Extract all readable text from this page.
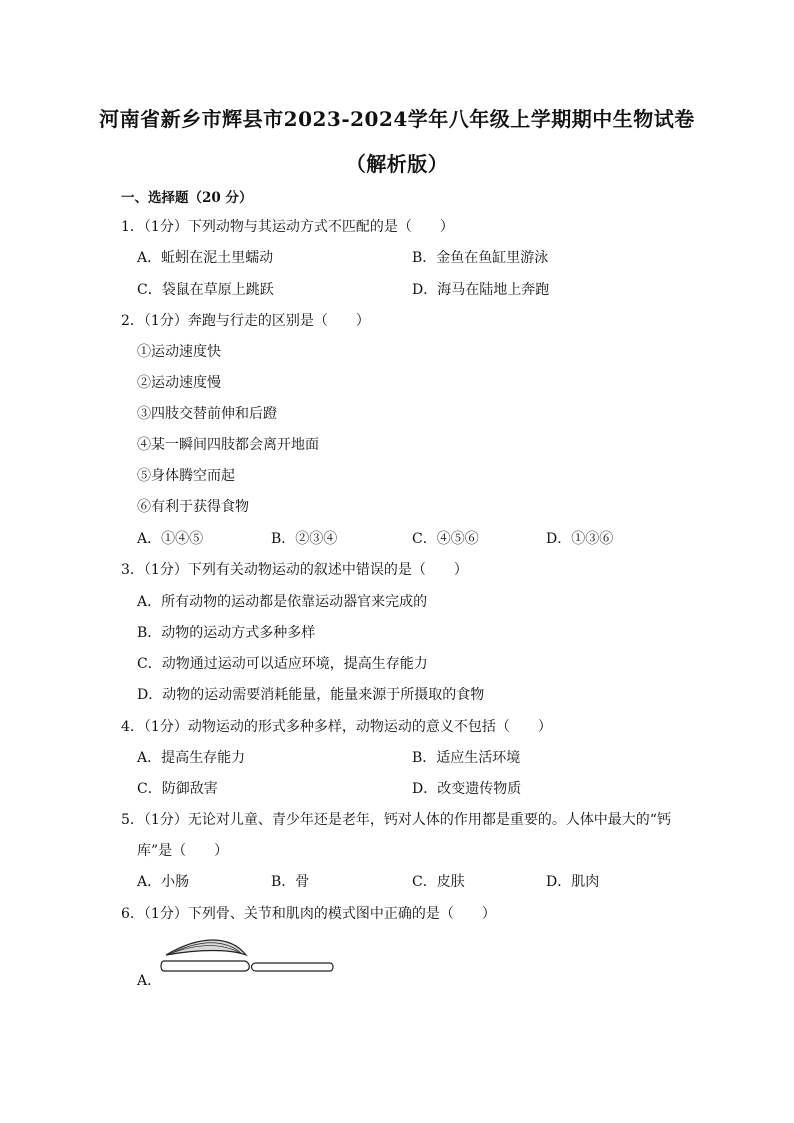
河南省新乡市辉县市2023-2024学年八年级上学期期中生物试卷
（解析版）
一、选择题（20 分）
1．（1分）下列动物与其运动方式不匹配的是（　　）
A．蚯蚓在泥土里蠕动	B．金鱼在鱼缸里游泳
C．袋鼠在草原上跳跃	D．海马在陆地上奔跑
2．（1分）奔跑与行走的区别是（　　）
①运动速度快
②运动速度慢
③四肢交替前伸和后蹬
④某一瞬间四肢都会离开地面
⑤身体腾空而起
⑥有利于获得食物
A．①④⑤	B．②③④	C．④⑤⑥	D．①③⑥
3．（1分）下列有关动物运动的叙述中错误的是（　　）
A．所有动物的运动都是依靠运动器官来完成的
B．动物的运动方式多种多样
C．动物通过运动可以适应环境，提高生存能力
D．动物的运动需要消耗能量，能量来源于所摄取的食物
4．（1分）动物运动的形式多种多样，动物运动的意义不包括（　　）
A．提高生存能力	B．适应生活环境
C．防御敌害	D．改变遗传物质
5．（1分）无论对儿童、青少年还是老年，钙对人体的作用都是重要的。人体中最大的“钙
库”是（　　）
A．小肠	B．骨	C．皮肤	D．肌肉
6．（1分）下列骨、关节和肌肉的模式图中正确的是（　　）
A．
